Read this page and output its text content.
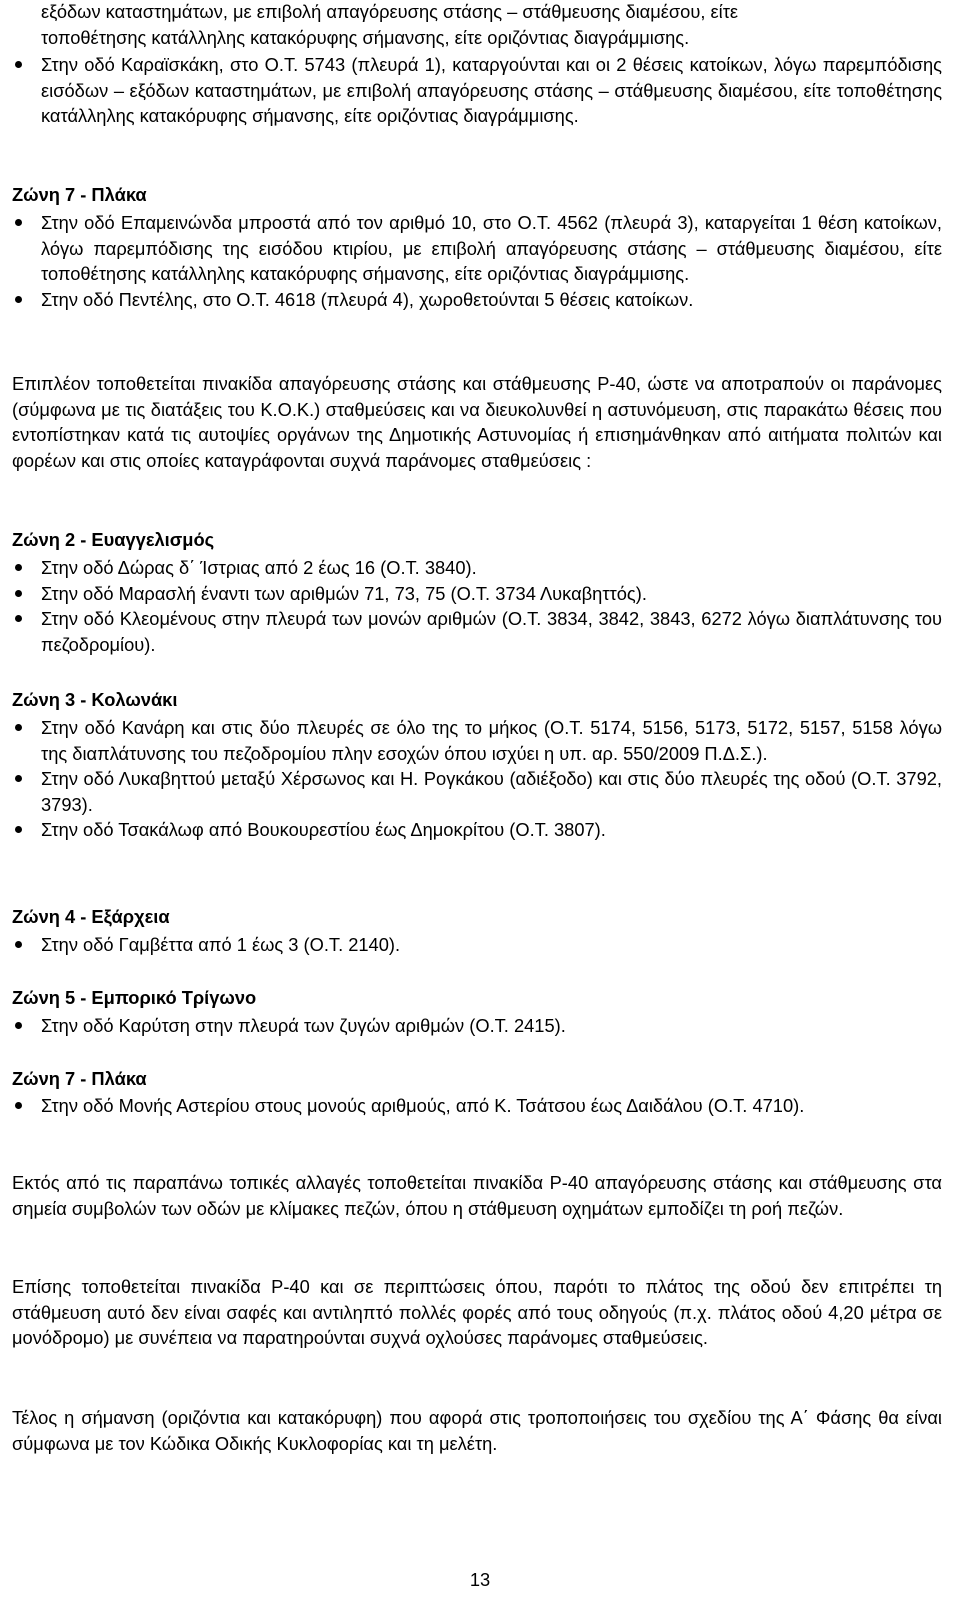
εξόδων καταστημάτων, με επιβολή απαγόρευσης στάσης – στάθμευσης διαμέσου, είτε
τοποθέτησης κατάλληλης κατακόρυφης σήμανσης, είτε οριζόντιας διαγράμμισης.
Στην οδό Καραϊσκάκη, στο Ο.Τ. 5743 (πλευρά 1), καταργούνται και οι 2 θέσεις κατοίκων, λόγω παρεμπόδισης εισόδων – εξόδων καταστημάτων, με επιβολή απαγόρευσης στάσης – στάθμευσης διαμέσου, είτε τοποθέτησης κατάλληλης κατακόρυφης σήμανσης, είτε οριζόντιας διαγράμμισης.
Ζώνη 7 - Πλάκα
Στην οδό Επαμεινώνδα μπροστά από τον αριθμό 10, στο Ο.Τ. 4562 (πλευρά 3), καταργείται 1 θέση κατοίκων, λόγω παρεμπόδισης της εισόδου κτιρίου, με επιβολή απαγόρευσης στάσης – στάθμευσης διαμέσου, είτε τοποθέτησης κατάλληλης κατακόρυφης σήμανσης, είτε οριζόντιας διαγράμμισης.
Στην οδό Πεντέλης, στο Ο.Τ. 4618 (πλευρά 4), χωροθετούνται 5 θέσεις κατοίκων.

Επιπλέον τοποθετείται πινακίδα απαγόρευσης στάσης και στάθμευσης Ρ-40, ώστε να αποτραπούν οι παράνομες (σύμφωνα με τις διατάξεις του Κ.Ο.Κ.) σταθμεύσεις και να διευκολυνθεί η αστυνόμευση, στις παρακάτω θέσεις που εντοπίστηκαν κατά τις αυτοψίες οργάνων της Δημοτικής Αστυνομίας ή επισημάνθηκαν από αιτήματα πολιτών και φορέων και στις οποίες καταγράφονται συχνά παράνομες σταθμεύσεις :

Ζώνη 2 - Ευαγγελισμός
Στην οδό Δώρας δ΄ Ίστριας από 2 έως 16 (Ο.Τ. 3840).
Στην οδό Μαρασλή έναντι των αριθμών 71, 73, 75 (Ο.Τ. 3734 Λυκαβηττός).
Στην οδό Κλεομένους στην πλευρά των μονών αριθμών (Ο.Τ. 3834, 3842, 3843, 6272 λόγω διαπλάτυνσης του πεζοδρομίου).
Ζώνη 3 - Κολωνάκι
Στην οδό Κανάρη και στις δύο πλευρές σε όλο της το μήκος (Ο.Τ. 5174, 5156, 5173, 5172, 5157, 5158 λόγω της διαπλάτυνσης του πεζοδρομίου πλην εσοχών όπου ισχύει η υπ. αρ. 550/2009 Π.Δ.Σ.).
Στην οδό Λυκαβηττού μεταξύ Χέρσωνος και Η. Ρογκάκου (αδιέξοδο) και στις δύο πλευρές της οδού (Ο.Τ. 3792, 3793).
Στην οδό Τσακάλωφ από Βουκουρεστίου έως Δημοκρίτου (Ο.Τ. 3807).
Ζώνη 4 - Εξάρχεια
Στην οδό Γαμβέττα από 1 έως 3 (Ο.Τ. 2140).
Ζώνη 5 - Εμπορικό Τρίγωνο
Στην οδό Καρύτση στην πλευρά των ζυγών αριθμών (Ο.Τ. 2415).
Ζώνη 7 - Πλάκα
Στην οδό Μονής Αστερίου στους μονούς αριθμούς, από Κ. Τσάτσου έως Δαιδάλου (Ο.Τ. 4710).

Εκτός από τις παραπάνω τοπικές αλλαγές τοποθετείται πινακίδα Ρ-40 απαγόρευσης στάσης και στάθμευσης στα σημεία συμβολών των οδών με κλίμακες πεζών, όπου η στάθμευση οχημάτων εμποδίζει τη ροή πεζών.

Επίσης τοποθετείται πινακίδα Ρ-40 και σε περιπτώσεις όπου, παρότι το πλάτος της οδού δεν επιτρέπει τη στάθμευση αυτό δεν είναι σαφές και αντιληπτό πολλές φορές από τους οδηγούς (π.χ. πλάτος οδού 4,20 μέτρα σε μονόδρομο) με συνέπεια να παρατηρούνται συχνά οχλούσες παράνομες σταθμεύσεις.

Τέλος η σήμανση (οριζόντια και κατακόρυφη) που αφορά στις τροποποιήσεις του σχεδίου της Α΄ Φάσης θα είναι σύμφωνα με τον Κώδικα Οδικής Κυκλοφορίας και τη μελέτη.

13
